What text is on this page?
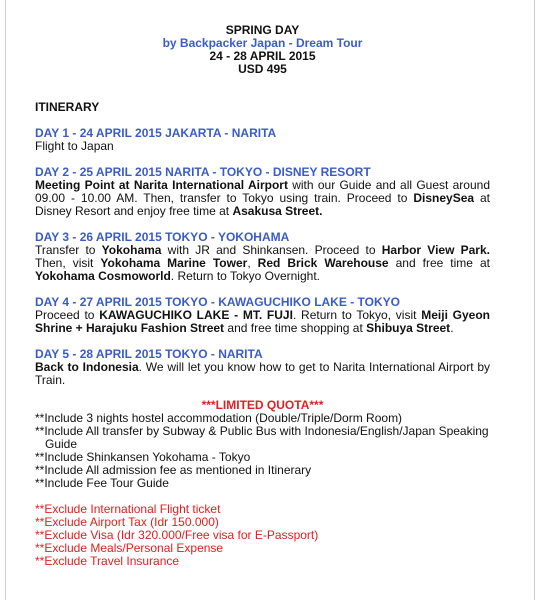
SPRING DAY
by Backpacker Japan - Dream Tour
24 - 28 APRIL 2015
USD 495
ITINERARY
DAY 1 - 24 APRIL 2015 JAKARTA - NARITA
Flight to Japan
DAY 2 - 25 APRIL 2015 NARITA - TOKYO - DISNEY RESORT
Meeting Point at Narita International Airport with our Guide and all Guest around 09.00 - 10.00 AM. Then, transfer to Tokyo using train. Proceed to DisneySea at Disney Resort and enjoy free time at Asakusa Street.
DAY 3 - 26 APRIL 2015 TOKYO - YOKOHAMA
Transfer to Yokohama with JR and Shinkansen. Proceed to Harbor View Park. Then, visit Yokohama Marine Tower, Red Brick Warehouse and free time at Yokohama Cosmoworld. Return to Tokyo Overnight.
DAY 4 - 27 APRIL 2015 TOKYO - KAWAGUCHIKO LAKE - TOKYO
Proceed to KAWAGUCHIKO LAKE - MT. FUJI. Return to Tokyo, visit Meiji Gyeon Shrine + Harajuku Fashion Street and free time shopping at Shibuya Street.
DAY 5 - 28 APRIL 2015 TOKYO - NARITA
Back to Indonesia. We will let you know how to get to Narita International Airport by Train.
***LIMITED QUOTA***
**Include 3 nights hostel accommodation (Double/Triple/Dorm Room)
**Include All transfer by Subway & Public Bus with Indonesia/English/Japan Speaking Guide
**Include Shinkansen Yokohama - Tokyo
**Include All admission fee as mentioned in Itinerary
**Include Fee Tour Guide
**Exclude International Flight ticket
**Exclude Airport Tax (Idr 150.000)
**Exclude Visa (Idr 320.000/Free visa for E-Passport)
**Exclude Meals/Personal Expense
**Exclude Travel Insurance
